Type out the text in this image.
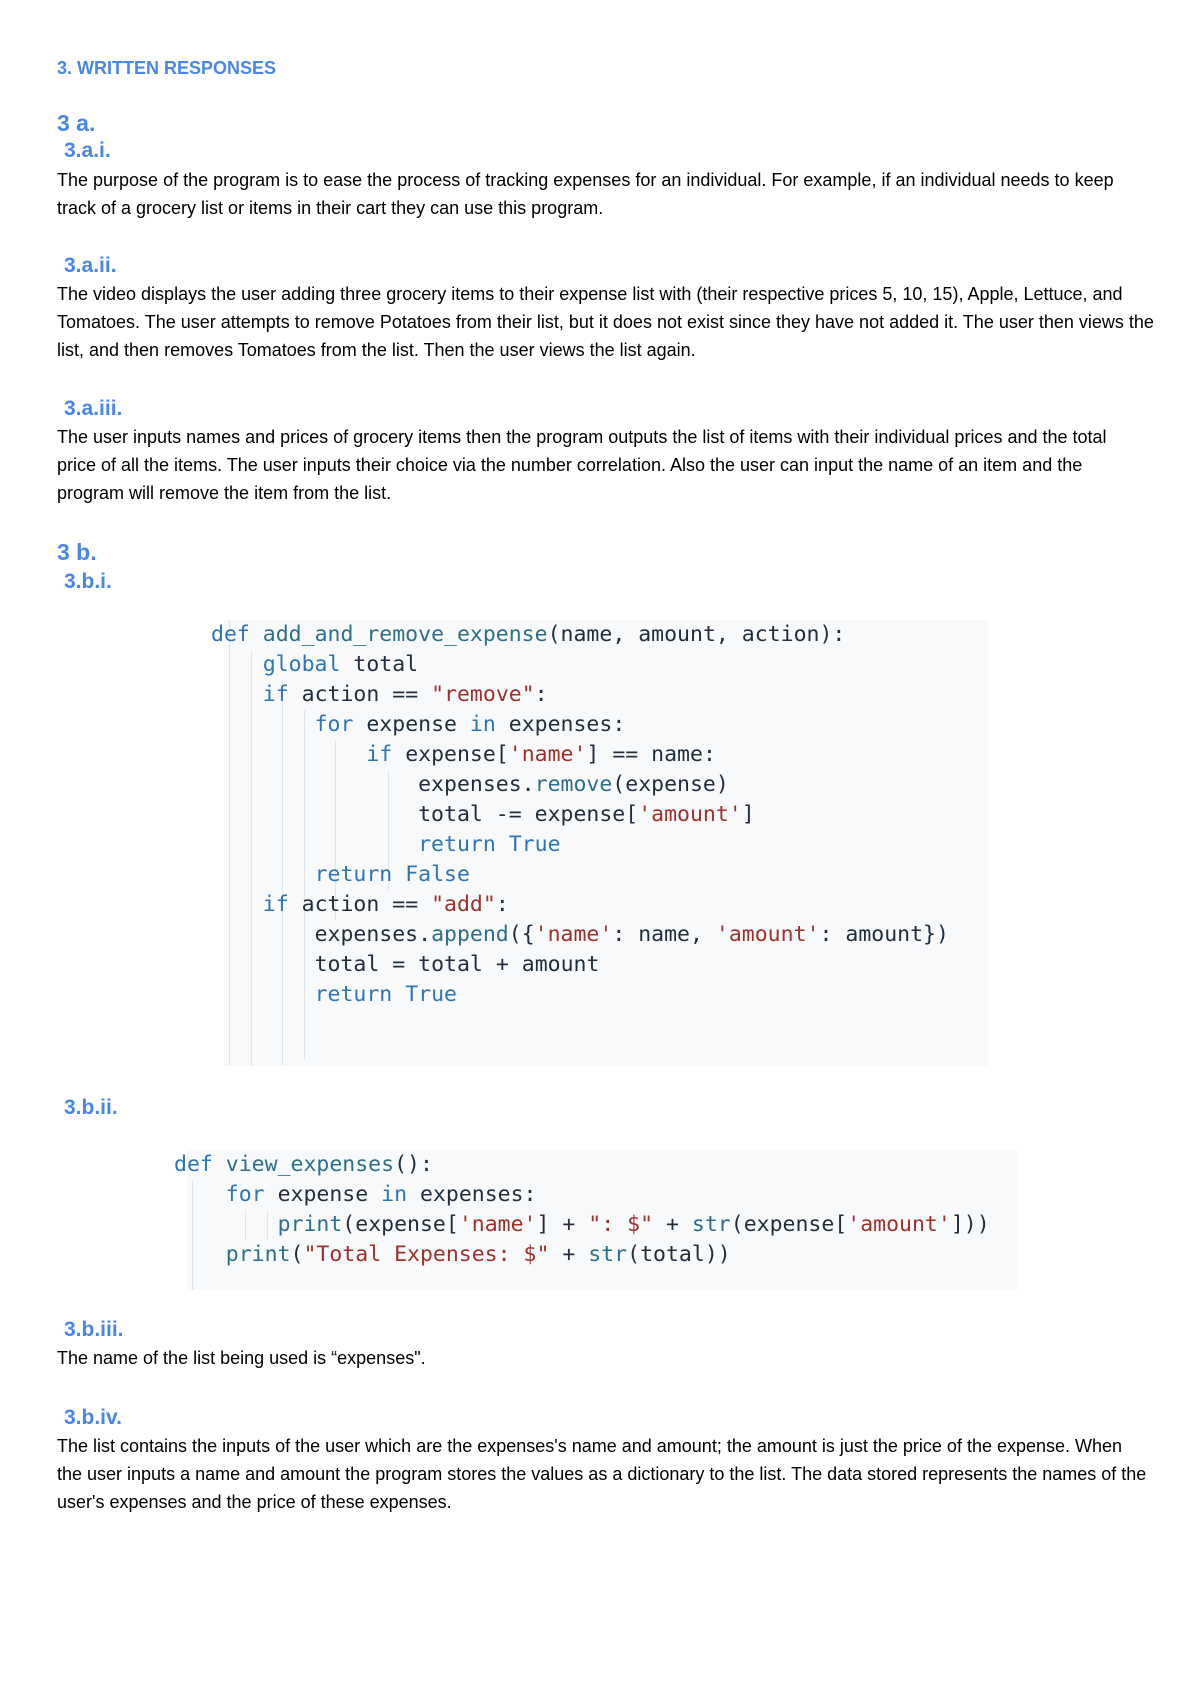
3. WRITTEN RESPONSES
3 a.
3.a.i.

The purpose of the program is to ease the process of tracking expenses for an individual. For example, if an individual needs to keep track of a grocery list or items in their cart they can use this program.

3.a.ii.

The video displays the user adding three grocery items to their expense list with (their respective prices 5, 10, 15), Apple, Lettuce, and Tomatoes. The user attempts to remove Potatoes from their list, but it does not exist since they have not added it. The user then views the list, and then removes Tomatoes from the list. Then the user views the list again.

3.a.iii.

The user inputs names and prices of grocery items then the program outputs the list of items with their individual prices and the total price of all the items. The user inputs their choice via the number correlation. Also the user can input the name of an item and the program will remove the item from the list.

3 b.
3.b.i.
def add_and_remove_expense(name, amount, action):
global total
if action == "remove":
for expense in expenses:
if expense['name'] == name:
expenses.remove(expense)
total -= expense['amount']
return True
return False
if action == "add":
expenses.append({'name': name, 'amount': amount})
total = total + amount
return True
3.b.ii.
def view_expenses():
for expense in expenses:
print(expense['name'] + ": $" + str(expense['amount']))
print("Total Expenses: $" + str(total))
3.b.iii.

The name of the list being used is “expenses".

3.b.iv.

The list contains the inputs of the user which are the expenses's name and amount; the amount is just the price of the expense. When the user inputs a name and amount the program stores the values as a dictionary to the list. The data stored represents the names of the user's expenses and the price of these expenses.
